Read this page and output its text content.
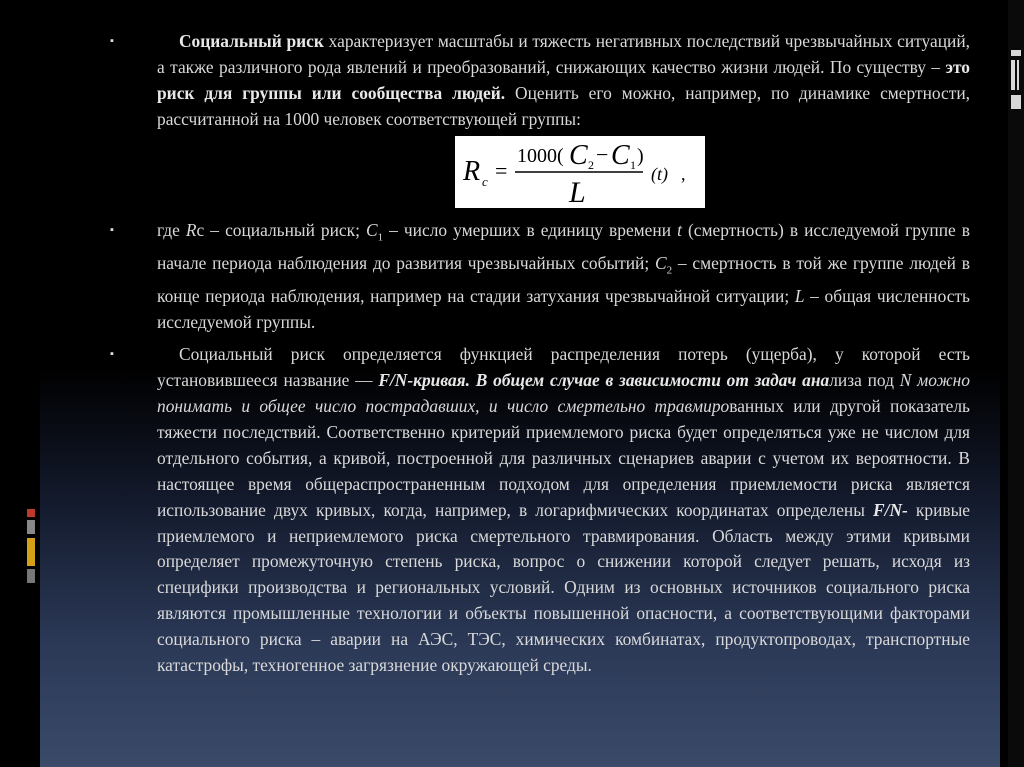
▪	Социальный риск характеризует масштабы и тяжесть негативных последствий чрезвычайных ситуаций, а также различного рода явлений и преобразований, снижающих качество жизни людей. По существу – это риск для группы или сообщества людей. Оценить его можно, например, по динамике смертности, рассчитанной на 1000 человек соответствующей группы:
R c =
1000( C 2 − C 1 )
L
(t) ,
▪ где Rс – социальный риск; $C_1$ – число умерших в единицу времени t (смертность) в исследуемой группе в начале периода наблюдения до развития чрезвычайных событий; $C_2$ – смертность в той же группе людей в конце периода наблюдения, например на стадии затухания чрезвычайной ситуации; L – общая численность исследуемой группы.
▪	Социальный риск определяется функцией распределения потерь (ущерба), у которой есть установившееся название — F/N-кривая. В общем случае в зависимости от задач анализа под N можно понимать и общее число пострадавших, и число смертельно травмированных или другой показатель тяжести последствий. Соответственно критерий приемлемого риска будет определяться уже не числом для отдельного события, а кривой, построенной для различных сценариев аварии с учетом их вероятности. В настоящее время общераспространенным подходом для определения приемлемости риска является использование двух кривых, когда, например, в логарифмических координатах определены F/N- кривые приемлемого и неприемлемого риска смертельного травмирования. Область между этими кривыми определяет промежуточную степень риска, вопрос о снижении которой следует решать, исходя из специфики производства и региональных условий. Одним из основных источников социального риска являются промышленные технологии и объекты повышенной опасности, а соответствующими факторами социального риска – аварии на АЭС, ТЭС, химических комбинатах, продуктопроводах, транспортные катастрофы, техногенное загрязнение окружающей среды.
